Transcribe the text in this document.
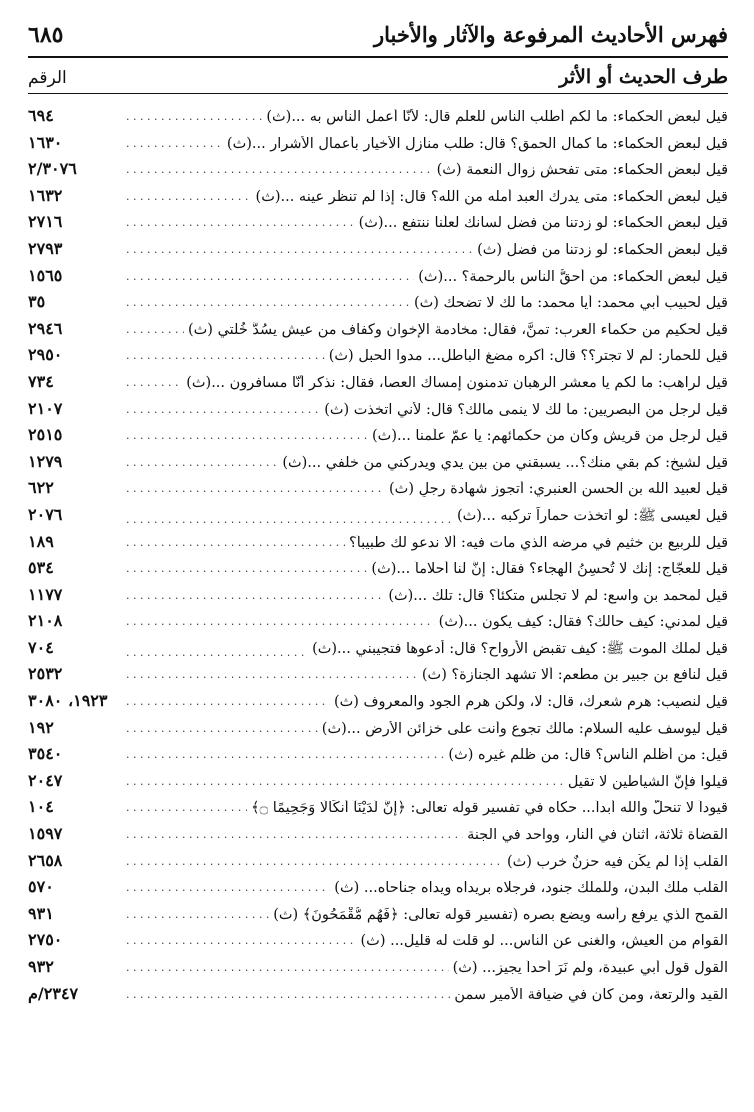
فهرس الأحاديث المرفوعة والآثار والأخبار
٦٨٥
طرف الحديث أو الأثر
الرقم
قيل لبعض الحكماء: ما لكم أطلب الناس للعلم قال: لأنَّا أعمل الناس به ...(ث) . . .
٦٩٤
قيل لبعض الحكماء: ما كمال الحمق؟ قال: طلب منازل الأخيار بأعمال الأشرار ...(ث) . . .
١٦٣٠
قيل لبعض الحكماء: متى تفحش زوال النعمة (ث) . . .
٢/٣٠٧٦
قيل لبعض الحكماء: متى يدرك العبد أمله من الله؟ قال: إذا لم تنظر عينه ...(ث) . . .
١٦٣٢
قيل لبعض الحكماء: لو زدتنا من فضل لسانك لعلَّنا ننتفع ...(ث) . . .
٢٧١٦
قيل لبعض الحكماء: لو زدتنا من فضل (ث) . . .
٢٧٩٣
قيل لبعض الحكماء: من أحقُّ الناس بالرحمة؟ ...(ث) . . .
١٥٦٥
قيل لحبيب أبي محمد: أيا محمد: ما لك لا تضحك (ث) . . .
٣٥
قيل لحكيم من حكماء العرب: تمنَّ، فقال: مخادمة الإخوان وكفاف من عيشٍ يسُدُّ خُلتي (ث) . . .
٢٩٤٦
قيل للحمار: لم لا تجتر؟؟ قال: أكره مضغ الباطل... مدوا الحبل (ث) . . .
٢٩٥٠
قيل لراهب: ما لكم يا معشر الرهبان تدمنون إمساك العصا، فقال: نذكر أنَّا مسافرون ...(ث) . . .
٧٣٤
قيل لرجل من البصريين: ما لك لا ينمى مالك؟ قال: لأني اتخذت (ث) . . .
٢١٠٧
قيل لرجل من قريش وكان من حكمائهم: يا عمّ علّمنا ...(ث) . . .
٢٥١٥
قيل لشيخ: كم بقي منك؟... يسبقني من بين يدي ويدركني من خلفي ...(ث) . . .
١٢٧٩
قيل لعبيد الله بن الحسن العنبري: أتجوز شهادة رجلٍ (ث) . . .
٦٢٢
قيل لعيسى ﷺ: لو اتخذت حماراً تركبه ...(ث) . . .
٢٠٧٦
قيل للربيع بن خثيم في مرضه الذي مات فيه: ألا ندعو لك طبيباً؟ . . .
١٨٩
قيل للعجّاج: إنك لا تُحسِنُ الهجاء؟ فقال: إنَّ لنا أحلاماً ...(ث) . . .
٥٣٤
قيل لمحمد بن واسع: لم لا تجلس متكئاً؟ قال: تلك ...(ث) . . .
١١٧٧
قيل لمدني: كيف حالك؟ فقال: كيف يكون ...(ث) . . .
٢١٠٨
قيل لملك الموت ﷺ: كيف تقبض الأرواح؟ قال: أدعوها فتجيبني ...(ث) . . .
٧٠٤
قيل لنافع بن جبير بن مطعم: ألا تشهد الجنازة؟ (ث) . . .
٢٥٣٢
قيل لنصيب: هرم شعرك، قال: لا، ولكن هرم الجود والمعروف (ث) . . .
١٩٢٣، ٣٠٨٠
قيل ليوسف عليه السلام: مالك تجوع وأنت على خزائن الأرض ...(ث) . . .
١٩٢
قيل: من أظلم الناس؟ قال: من ظلم غيره (ث) . . .
٣٥٤٠
قيلوا فإنَّ الشياطين لا تقيل . . .
٢٠٤٧
قيوداً لا تنحلُّ والله أبداً... حكاه في تفسير قوله تعالى: ﴿إِنَّ لَدَيْنَآ أَنكَالًا وَجَحِيمًا ۝﴾ . . .
١٠٤
القضاة ثلاثة، اثنان في النار، وواحد في الجنة . . .
١٥٩٧
القلب إذا لم يكُن فيه حزنٌ خرب (ث) . . .
٢٦٥٨
القلب ملك البدن، وللملك جنود، فرجلاه بريداه ويداه جناحاه... (ث) . . .
٥٧٠
القمح الذي يرفع رأسه ويضع بصره (تفسير قوله تعالى: ﴿فَهُم مُّقْمَحُونَ﴾ (ث) . . .
٩٣١
القوام من العيش، والغنى عن الناس... لو قلت له قليل... (ث) . . .
٢٧٥٠
القول قول أبي عبيدة، ولم نَرَ أحداً يجيز... (ث) . . .
٩٣٢
القيد والرتعة، ومن كان في ضيافة الأمير سمن . . .
٢٣٤٧/م
